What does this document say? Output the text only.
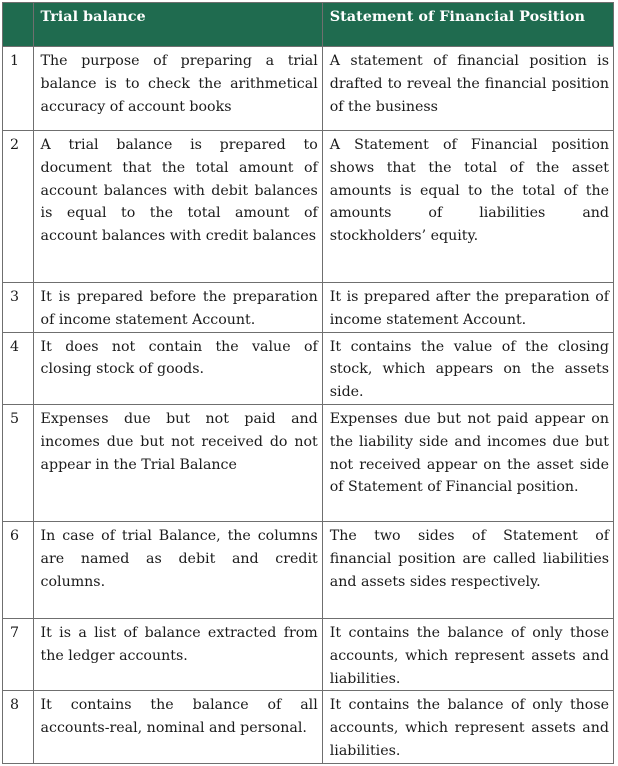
	Trial balance	Statement of Financial Position
1	The purpose of preparing a trial balance is to check the arithmetical accuracy of account books	A statement of financial position is drafted to reveal the financial position of the business
2	A trial balance is prepared to document that the total amount of account balances with debit balances is equal to the total amount of account balances with credit balances	A Statement of Financial position shows that the total of the asset amounts is equal to the total of the amounts of liabilities and stockholders’ equity.
3	It is prepared before the preparation of income statement Account.	It is prepared after the preparation of income statement Account.
4	It does not contain the value of closing stock of goods.	It contains the value of the closing stock, which appears on the assets side.
5	Expenses due but not paid and incomes due but not received do not appear in the Trial Balance	Expenses due but not paid appear on the liability side and incomes due but not received appear on the asset side of Statement of Financial position.
6	In case of trial Balance, the columns are named as debit and credit columns.	The two sides of Statement of financial position are called liabilities and assets sides respectively.
7	It is a list of balance extracted from the ledger accounts.	It contains the balance of only those accounts, which represent assets and liabilities.
8	It contains the balance of all accounts-real, nominal and personal.	It contains the balance of only those accounts, which represent assets and liabilities.
